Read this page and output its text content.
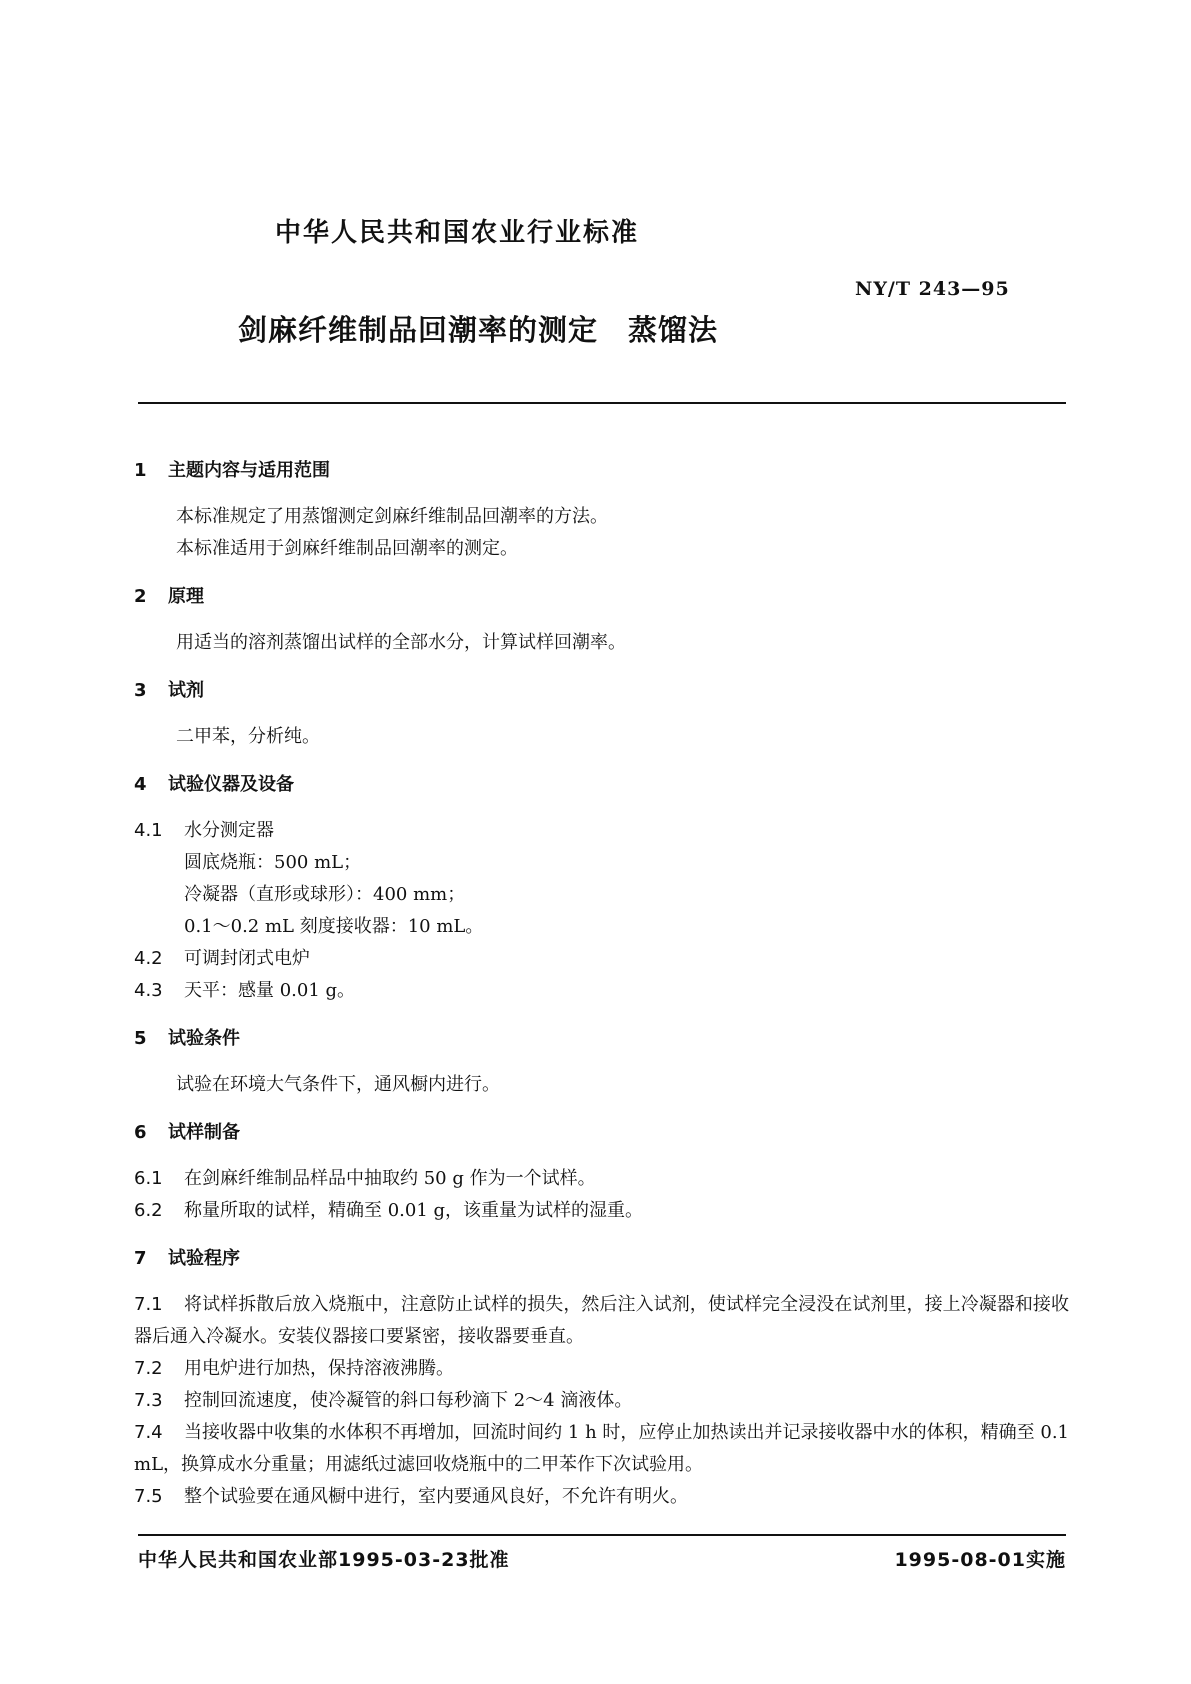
中华人民共和国农业行业标准
NY/T 243—95
剑麻纤维制品回潮率的测定　蒸馏法
1 主题内容与适用范围
本标准规定了用蒸馏测定剑麻纤维制品回潮率的方法。
本标准适用于剑麻纤维制品回潮率的测定。
2 原理
用适当的溶剂蒸馏出试样的全部水分，计算试样回潮率。
3 试剂
二甲苯，分析纯。
4 试验仪器及设备
4.1 水分测定器
圆底烧瓶：500 mL；
冷凝器（直形或球形）：400 mm；
0.1～0.2 mL 刻度接收器：10 mL。
4.2 可调封闭式电炉
4.3 天平：感量 0.01 g。
5 试验条件
试验在环境大气条件下，通风橱内进行。
6 试样制备
6.1 在剑麻纤维制品样品中抽取约 50 g 作为一个试样。
6.2 称量所取的试样，精确至 0.01 g，该重量为试样的湿重。
7 试验程序
7.1 将试样拆散后放入烧瓶中，注意防止试样的损失，然后注入试剂，使试样完全浸没在试剂里，接上冷凝器和接收器后通入冷凝水。安装仪器接口要紧密，接收器要垂直。
7.2 用电炉进行加热，保持溶液沸腾。
7.3 控制回流速度，使冷凝管的斜口每秒滴下 2～4 滴液体。
7.4 当接收器中收集的水体积不再增加，回流时间约 1 h 时，应停止加热读出并记录接收器中水的体积，精确至 0.1 mL，换算成水分重量；用滤纸过滤回收烧瓶中的二甲苯作下次试验用。
7.5 整个试验要在通风橱中进行，室内要通风良好，不允许有明火。
中华人民共和国农业部1995-03-23批准	1995-08-01实施
